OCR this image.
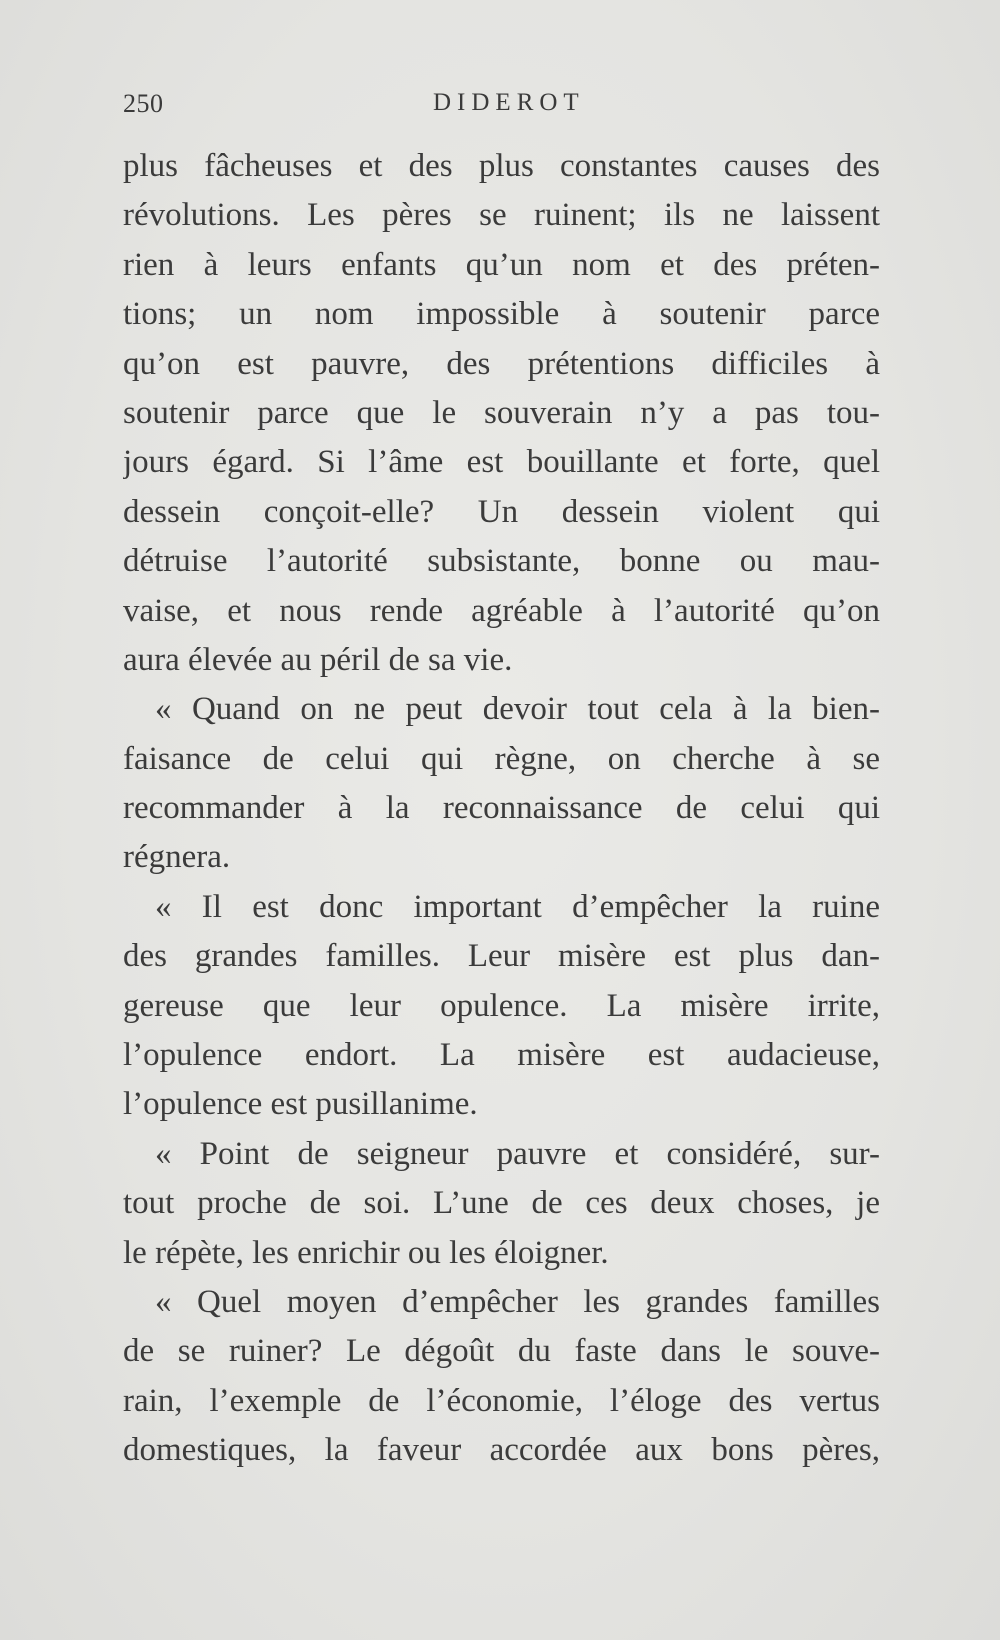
250	DIDEROT
plus fâcheuses et des plus constantes causes des
révolutions. Les pères se ruinent; ils ne laissent
rien à leurs enfants qu’un nom et des préten-
tions; un nom impossible à soutenir parce
qu’on est pauvre, des prétentions difficiles à
soutenir parce que le souverain n’y a pas tou-
jours égard. Si l’âme est bouillante et forte, quel
dessein conçoit-elle? Un dessein violent qui
détruise l’autorité subsistante, bonne ou mau-
vaise, et nous rende agréable à l’autorité qu’on
aura élevée au péril de sa vie.
« Quand on ne peut devoir tout cela à la bien-
faisance de celui qui règne, on cherche à se
recommander à la reconnaissance de celui qui
régnera.
« Il est donc important d’empêcher la ruine
des grandes familles. Leur misère est plus dan-
gereuse que leur opulence. La misère irrite,
l’opulence endort. La misère est audacieuse,
l’opulence est pusillanime.
« Point de seigneur pauvre et considéré, sur-
tout proche de soi. L’une de ces deux choses, je
le répète, les enrichir ou les éloigner.
« Quel moyen d’empêcher les grandes familles
de se ruiner? Le dégoût du faste dans le souve-
rain, l’exemple de l’économie, l’éloge des vertus
domestiques, la faveur accordée aux bons pères,
